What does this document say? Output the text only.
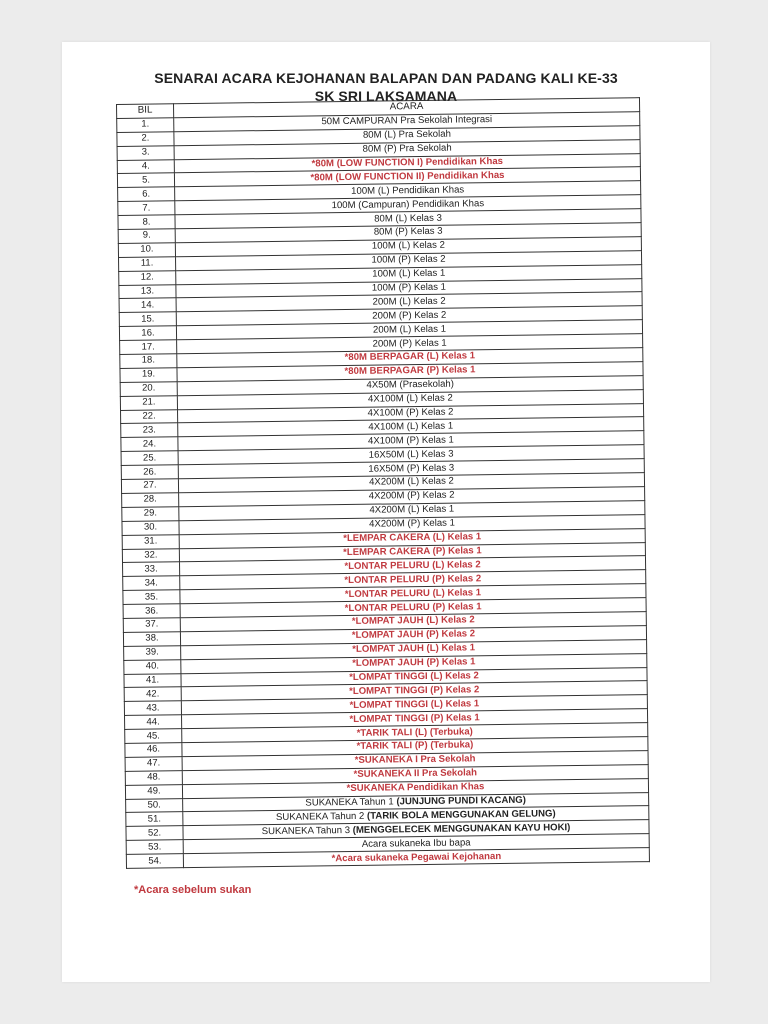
SENARAI ACARA KEJOHANAN BALAPAN DAN PADANG KALI KE-33
SK SRI LAKSAMANA
BIL	ACARA
1.	50M CAMPURAN Pra Sekolah Integrasi
2.	80M (L) Pra Sekolah
3.	80M (P) Pra Sekolah
4.	*80M (LOW FUNCTION I) Pendidikan Khas
5.	*80M (LOW FUNCTION II) Pendidikan Khas
6.	100M (L) Pendidikan Khas
7.	100M (Campuran) Pendidikan Khas
8.	80M (L) Kelas 3
9.	80M (P) Kelas 3
10.	100M (L) Kelas 2
11.	100M (P) Kelas 2
12.	100M (L) Kelas 1
13.	100M (P) Kelas 1
14.	200M (L) Kelas 2
15.	200M (P) Kelas 2
16.	200M (L) Kelas 1
17.	200M (P) Kelas 1
18.	*80M BERPAGAR (L) Kelas 1
19.	*80M BERPAGAR (P) Kelas 1
20.	4X50M (Prasekolah)
21.	4X100M (L) Kelas 2
22.	4X100M (P) Kelas 2
23.	4X100M (L) Kelas 1
24.	4X100M (P) Kelas 1
25.	16X50M (L) Kelas 3
26.	16X50M (P) Kelas 3
27.	4X200M (L) Kelas 2
28.	4X200M (P) Kelas 2
29.	4X200M (L) Kelas 1
30.	4X200M (P) Kelas 1
31.	*LEMPAR CAKERA (L) Kelas 1
32.	*LEMPAR CAKERA (P) Kelas 1
33.	*LONTAR PELURU (L) Kelas 2
34.	*LONTAR PELURU (P) Kelas 2
35.	*LONTAR PELURU (L) Kelas 1
36.	*LONTAR PELURU (P) Kelas 1
37.	*LOMPAT JAUH (L) Kelas 2
38.	*LOMPAT JAUH (P) Kelas 2
39.	*LOMPAT JAUH (L) Kelas 1
40.	*LOMPAT JAUH (P) Kelas 1
41.	*LOMPAT TINGGI (L) Kelas 2
42.	*LOMPAT TINGGI (P) Kelas 2
43.	*LOMPAT TINGGI (L) Kelas 1
44.	*LOMPAT TINGGI (P) Kelas 1
45.	*TARIK TALI (L) (Terbuka)
46.	*TARIK TALI (P) (Terbuka)
47.	*SUKANEKA I Pra Sekolah
48.	*SUKANEKA II Pra Sekolah
49.	*SUKANEKA Pendidikan Khas
50.	SUKANEKA Tahun 1 (JUNJUNG PUNDI KACANG)
51.	SUKANEKA Tahun 2 (TARIK BOLA MENGGUNAKAN GELUNG)
52.	SUKANEKA Tahun 3 (MENGGELECEK MENGGUNAKAN KAYU HOKI)
53.	Acara sukaneka Ibu bapa
54.	*Acara sukaneka Pegawai Kejohanan
*Acara sebelum sukan
